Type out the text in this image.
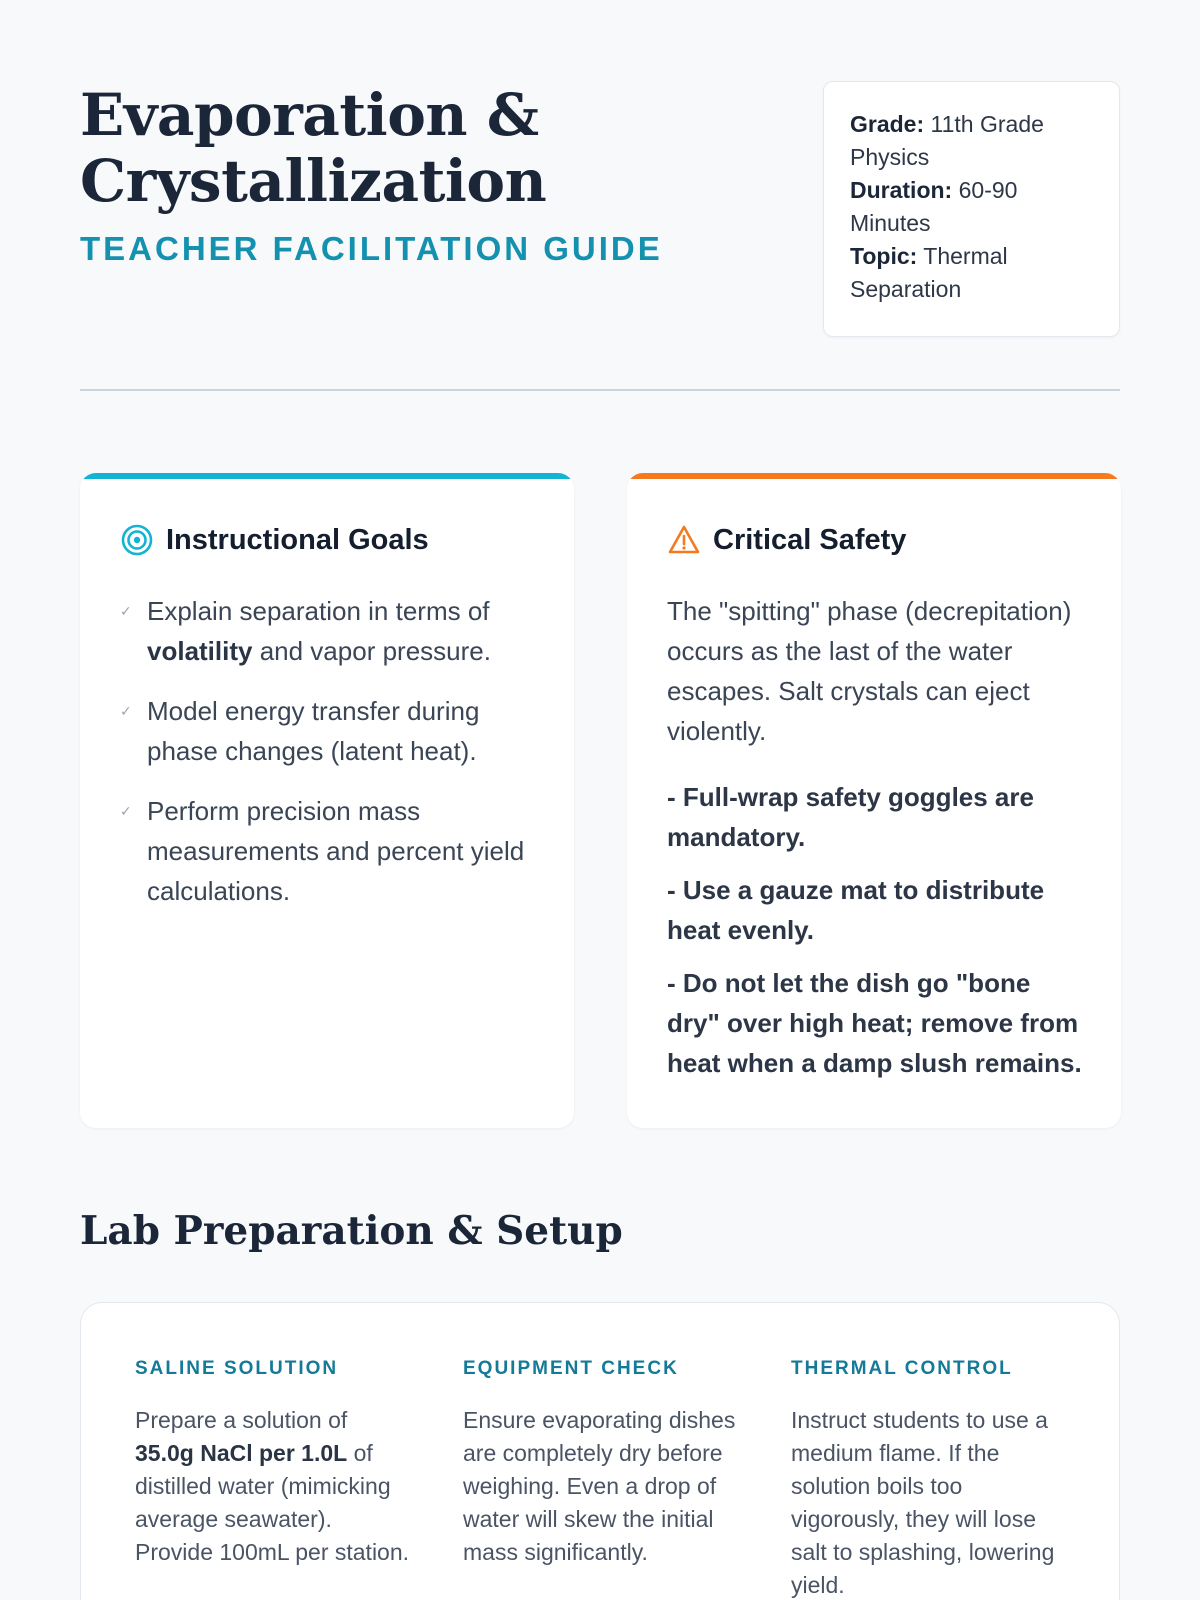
Evaporation & Crystallization
TEACHER FACILITATION GUIDE
Grade: 11th Grade Physics
Duration: 60-90 Minutes
Topic: Thermal Separation
Instructional Goals
✓ Explain separation in terms of volatility and vapor pressure.
✓ Model energy transfer during phase changes (latent heat).
✓ Perform precision mass measurements and percent yield calculations.
Critical Safety

The "spitting" phase (decrepitation) occurs as the last of the water escapes. Salt crystals can eject violently.

- Full-wrap safety goggles are mandatory.

- Use a gauze mat to distribute heat evenly.

- Do not let the dish go "bone dry" over high heat; remove from heat when a damp slush remains.

Lab Preparation & Setup
SALINE SOLUTION

Prepare a solution of 35.0g NaCl per 1.0L of distilled water (mimicking average seawater). Provide 100mL per station.

EQUIPMENT CHECK

Ensure evaporating dishes are completely dry before weighing. Even a drop of water will skew the initial mass significantly.

THERMAL CONTROL

Instruct students to use a medium flame. If the solution boils too vigorously, they will lose salt to splashing, lowering yield.
